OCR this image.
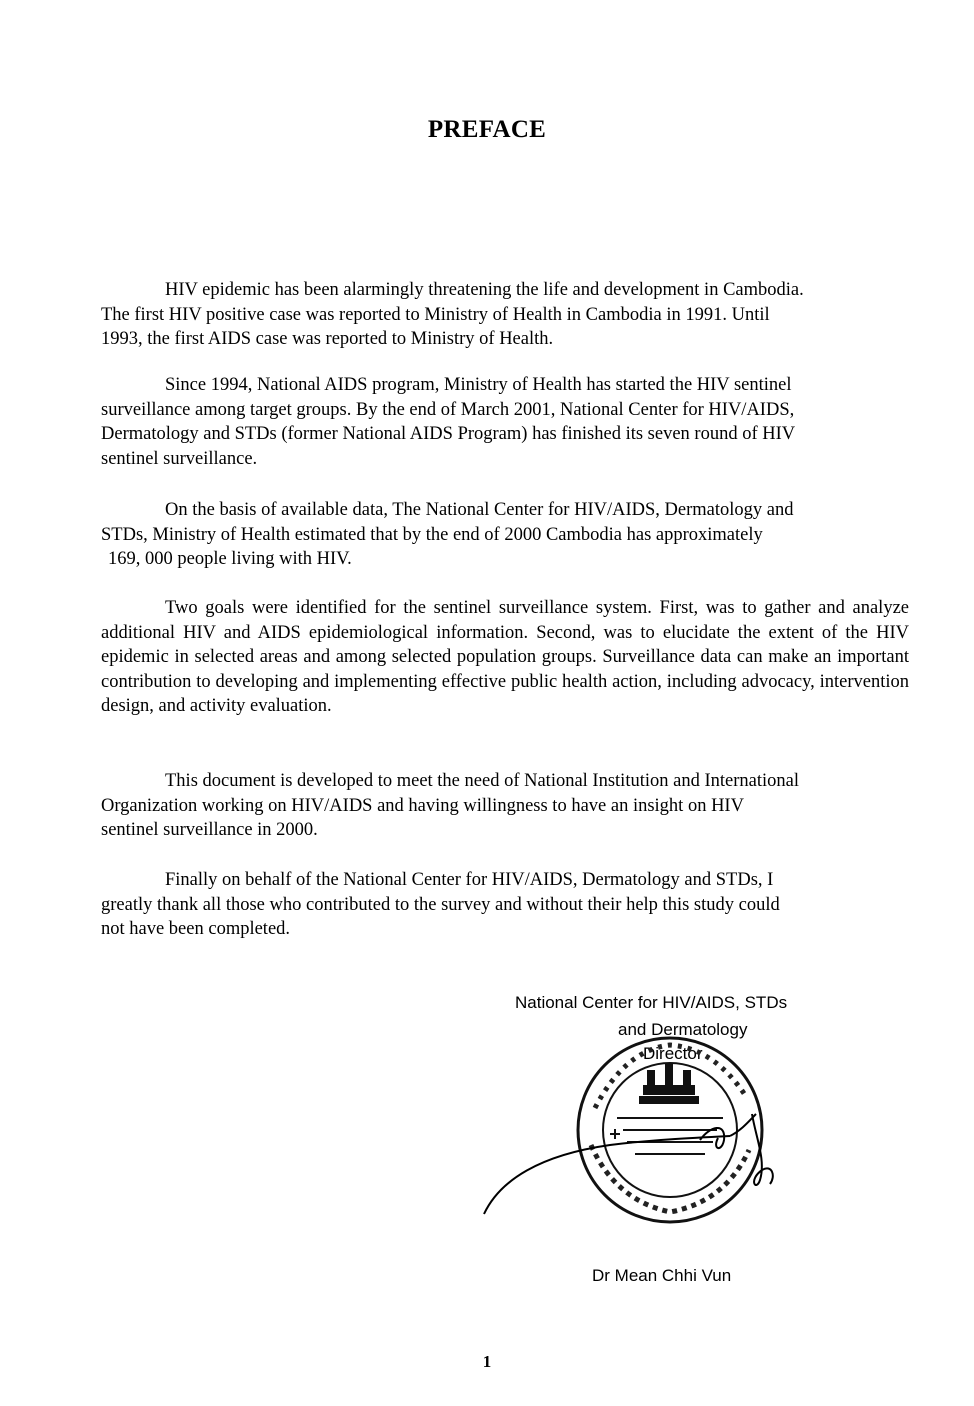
PREFACE

HIV epidemic has been alarmingly threatening the life and development in Cambodia.
The first HIV positive case was reported to Ministry of Health in Cambodia in 1991. Until
1993, the first AIDS case was reported to Ministry of Health.

Since 1994, National AIDS program, Ministry of Health has started the HIV sentinel
surveillance among target groups. By the end of March 2001, National Center for HIV/AIDS,
Dermatology and STDs (former National AIDS Program) has finished its seven round of HIV
sentinel surveillance.

On the basis of available data, The National Center for HIV/AIDS, Dermatology and
STDs, Ministry of Health estimated that by the end of 2000 Cambodia has approximately
169, 000 people living with HIV.

Two goals were identified for the sentinel surveillance system. First, was to gather and analyze additional HIV and AIDS epidemiological information. Second, was to elucidate the extent of the HIV epidemic in selected areas and among selected population groups. Surveillance data can make an important contribution to developing and implementing effective public health action, including advocacy, intervention design, and activity evaluation.

This document is developed to meet the need of National Institution and International
Organization working on HIV/AIDS and having willingness to have an insight on HIV
sentinel surveillance in 2000.

Finally on behalf of the National Center for HIV/AIDS, Dermatology and STDs, I
greatly thank all those who contributed to the survey and without their help this study could
not have been completed.

National Center for HIV/AIDS, STDs
and Dermatology
Director
Dr Mean Chhi Vun
1
